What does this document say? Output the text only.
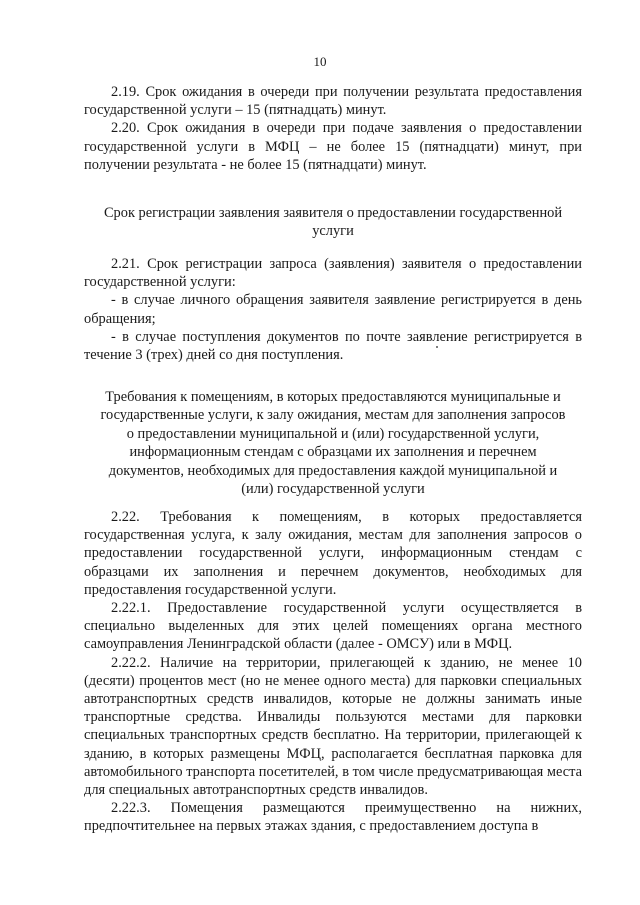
10

2.19. Срок ожидания в очереди при получении результата предоставления государственной услуги – 15 (пятнадцать) минут.

2.20. Срок ожидания в очереди при подаче заявления о предоставлении государственной услуги в МФЦ – не более 15 (пятнадцати) минут, при получении результата - не более 15 (пятнадцати) минут.

Срок регистрации заявления заявителя о предоставлении государственной услуги

2.21. Срок регистрации запроса (заявления) заявителя о предоставлении государственной услуги:

- в случае личного обращения заявителя заявление регистрируется в день обращения;

- в случае поступления документов по почте заявление регистрируется в течение 3 (трех) дней со дня поступления.

Требования к помещениям, в которых предоставляются муниципальные и государственные услуги, к залу ожидания, местам для заполнения запросов о предоставлении муниципальной и (или) государственной услуги, информационным стендам с образцами их заполнения и перечнем документов, необходимых для предоставления каждой муниципальной и (или) государственной услуги

2.22. Требования к помещениям, в которых предоставляется государственная услуга, к залу ожидания, местам для заполнения запросов о предоставлении государственной услуги, информационным стендам с образцами их заполнения и перечнем документов, необходимых для предоставления государственной услуги.

2.22.1. Предоставление государственной услуги осуществляется в специально выделенных для этих целей помещениях органа местного самоуправления Ленинградской области (далее - ОМСУ) или в МФЦ.

2.22.2. Наличие на территории, прилегающей к зданию, не менее 10 (десяти) процентов мест (но не менее одного места) для парковки специальных автотранспортных средств инвалидов, которые не должны занимать иные транспортные средства. Инвалиды пользуются местами для парковки специальных транспортных средств бесплатно. На территории, прилегающей к зданию, в которых размещены МФЦ, располагается бесплатная парковка для автомобильного транспорта посетителей, в том числе предусматривающая места для специальных автотранспортных средств инвалидов.

2.22.3. Помещения размещаются преимущественно на нижних, предпочтительнее на первых этажах здания, с предоставлением доступа в
